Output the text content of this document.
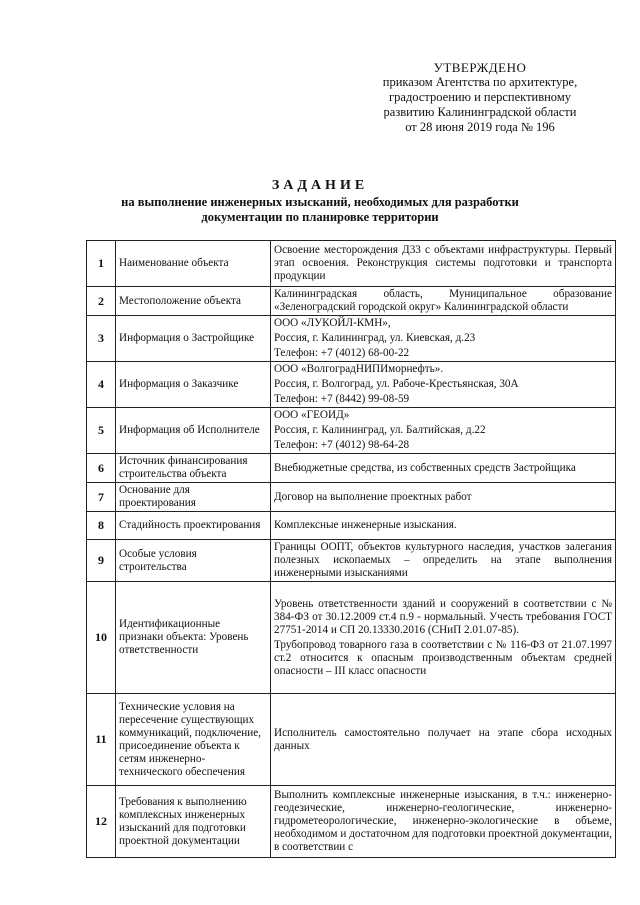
УТВЕРЖДЕНО
приказом Агентства по архитектуре,
градостроению и перспективному
развитию Калининградской области
от 28 июня 2019 года № 196
ЗАДАНИЕ
на выполнение инженерных изысканий, необходимых для разработки
документации по планировке территории
1	Наименование объекта	Освоение месторождения Д33 с объектами инфраструктуры. Первый этап освоения. Реконструкция системы подготовки и транспорта продукции

2	Местоположение объекта	Калининградская область, Муниципальное образование «Зеленоградский городской округ» Калининградской области

3	Информация о Застройщике	ООО «ЛУКОЙЛ-КМН»,
Россия, г. Калининград, ул. Киевская, д.23
Телефон: +7 (4012) 68-00-22

4	Информация о Заказчике	ООО «ВолгоградНИПИморнефть».
Россия, г. Волгоград, ул. Рабоче-Крестьянская, 30А
Телефон: +7 (8442) 99-08-59

5	Информация об Исполнителе	ООО «ГЕОИД»
Россия, г. Калининград, ул. Балтийская, д.22
Телефон: +7 (4012) 98-64-28

6	Источник финансирования строительства объекта	Внебюджетные средства, из собственных средств Застройщика

7	Основание для проектирования	Договор на выполнение проектных работ

8	Стадийность проектирования	Комплексные инженерные изыскания.

9	Особые условия строительства	Границы ООПТ, объектов культурного наследия, участков залегания полезных ископаемых – определить на этапе выполнения инженерными изысканиями

10	Идентификационные признаки объекта: Уровень ответственности	Уровень ответственности зданий и сооружений в соответствии с № 384-ФЗ от 30.12.2009 ст.4 п.9 - нормальный. Учесть требования ГОСТ 27751-2014 и СП 20.13330.2016 (СНиП 2.01.07-85).
Трубопровод товарного газа в соответствии с № 116-ФЗ от 21.07.1997 ст.2 относится к опасным производственным объектам средней опасности – III класс опасности

11	Технические условия на пересечение существующих коммуникаций, подключение, присоединение объекта к сетям инженерно-технического обеспечения	Исполнитель самостоятельно получает на этапе сбора исходных данных

12	Требования к выполнению комплексных инженерных изысканий для подготовки проектной документации	Выполнить комплексные инженерные изыскания, в т.ч.: инженерно-геодезические, инженерно-геологические, инженерно-гидрометеорологические, инженерно-экологические в объеме, необходимом и достаточном для подготовки проектной документации, в соответствии с
